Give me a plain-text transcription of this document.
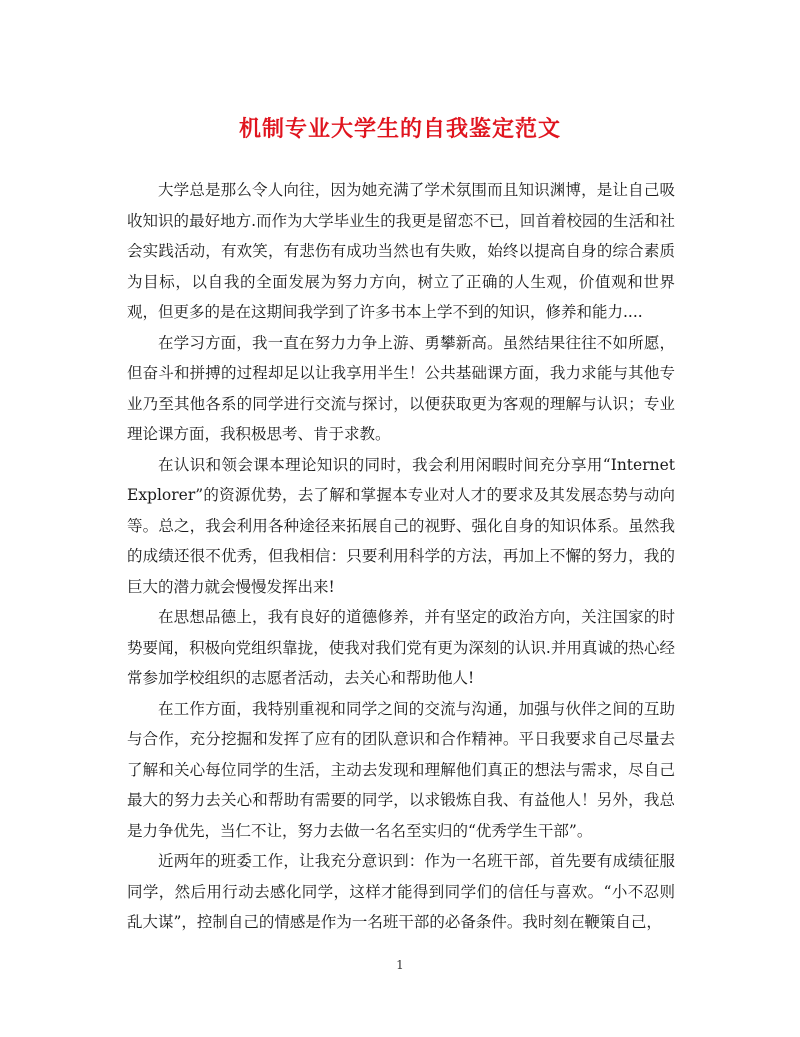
机制专业大学生的自我鉴定范文

大学总是那么令人向往，因为她充满了学术氛围而且知识渊博，是让自己吸收知识的最好地方.而作为大学毕业生的我更是留恋不已，回首着校园的生活和社会实践活动，有欢笑，有悲伤有成功当然也有失败，始终以提高自身的综合素质为目标，以自我的全面发展为努力方向，树立了正确的人生观，价值观和世界观，但更多的是在这期间我学到了许多书本上学不到的知识，修养和能力....

在学习方面，我一直在努力力争上游、勇攀新高。虽然结果往往不如所愿，但奋斗和拼搏的过程却足以让我享用半生！公共基础课方面，我力求能与其他专业乃至其他各系的同学进行交流与探讨，以便获取更为客观的理解与认识；专业理论课方面，我积极思考、肯于求教。

在认识和领会课本理论知识的同时，我会利用闲暇时间充分享用“Internet Explorer”的资源优势，去了解和掌握本专业对人才的要求及其发展态势与动向等。总之，我会利用各种途径来拓展自己的视野、强化自身的知识体系。虽然我的成绩还很不优秀，但我相信：只要利用科学的方法，再加上不懈的努力，我的巨大的潜力就会慢慢发挥出来!

在思想品德上，我有良好的道德修养，并有坚定的政治方向，关注国家的时势要闻，积极向党组织靠拢，使我对我们党有更为深刻的认识.并用真诚的热心经常参加学校组织的志愿者活动，去关心和帮助他人!

在工作方面，我特别重视和同学之间的交流与沟通，加强与伙伴之间的互助与合作，充分挖掘和发挥了应有的团队意识和合作精神。平日我要求自己尽量去了解和关心每位同学的生活，主动去发现和理解他们真正的想法与需求，尽自己最大的努力去关心和帮助有需要的同学，以求锻炼自我、有益他人！另外，我总是力争优先，当仁不让，努力去做一名名至实归的“优秀学生干部”。

近两年的班委工作，让我充分意识到：作为一名班干部，首先要有成绩征服同学，然后用行动去感化同学，这样才能得到同学们的信任与喜欢。“小不忍则乱大谋”，控制自己的情感是作为一名班干部的必备条件。我时刻在鞭策自己，

1
